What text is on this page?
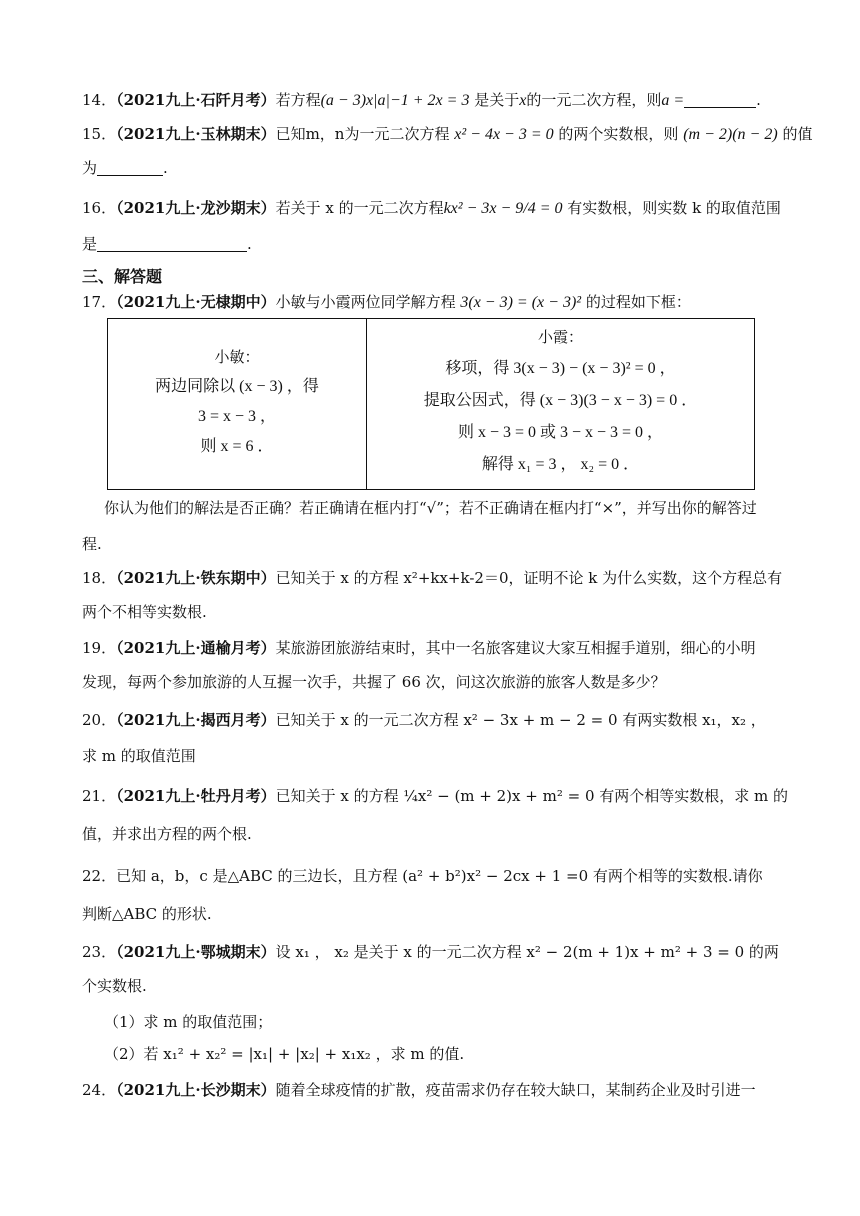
14．（2021九上·石阡月考）若方程(a − 3)x|a|−1 + 2x = 3 是关于x的一元二次方程，则a =	.
15．（2021九上·玉林期末）已知m，n为一元二次方程 x² − 4x − 3 = 0 的两个实数根，则 (m − 2)(n − 2) 的值
为	.
16．（2021九上·龙沙期末）若关于 x 的一元二次方程kx² − 3x − 9/4 = 0 有实数根，则实数 k 的取值范围
是	.
三、解答题
17．（2021九上·无棣期中）小敏与小霞两位同学解方程 3(x − 3) = (x − 3)² 的过程如下框：
小敏：
两边同除以 (x − 3) ，得
3 = x − 3 ，
则 x = 6 ．

小霞：
移项，得 3(x − 3) − (x − 3)² = 0 ，
提取公因式，得 (x − 3)(3 − x − 3) = 0 ．
则 x − 3 = 0 或 3 − x − 3 = 0 ，
解得 x₁ = 3 ， x₂ = 0 ．
你认为他们的解法是否正确？若正确请在框内打“√”；若不正确请在框内打“×”，并写出你的解答过
程.
18．（2021九上·铁东期中）已知关于 x 的方程 x²+kx+k-2＝0，证明不论 k 为什么实数，这个方程总有
两个不相等实数根.
19．（2021九上·通榆月考）某旅游团旅游结束时，其中一名旅客建议大家互相握手道别，细心的小明
发现，每两个参加旅游的人互握一次手，共握了 66 次，问这次旅游的旅客人数是多少？
20．（2021九上·揭西月考）已知关于 x 的一元二次方程 x² − 3x + m − 2 = 0 有两实数根 x₁，x₂ ，
求 m 的取值范围
21．（2021九上·牡丹月考）已知关于 x 的方程 ¼x² − (m + 2)x + m² = 0 有两个相等实数根，求 m 的
值，并求出方程的两个根.
22．已知 a，b，c 是△ABC 的三边长，且方程 (a² + b²)x² − 2cx + 1 =0 有两个相等的实数根.请你
判断△ABC 的形状.
23．（2021九上·鄂城期末）设 x₁ ， x₂ 是关于 x 的一元二次方程 x² − 2(m + 1)x + m² + 3 = 0 的两
个实数根.
（1）求 m 的取值范围；
（2）若 x₁² + x₂² = |x₁| + |x₂| + x₁x₂ ，求 m 的值.
24．（2021九上·长沙期末）随着全球疫情的扩散，疫苗需求仍存在较大缺口，某制药企业及时引进一
